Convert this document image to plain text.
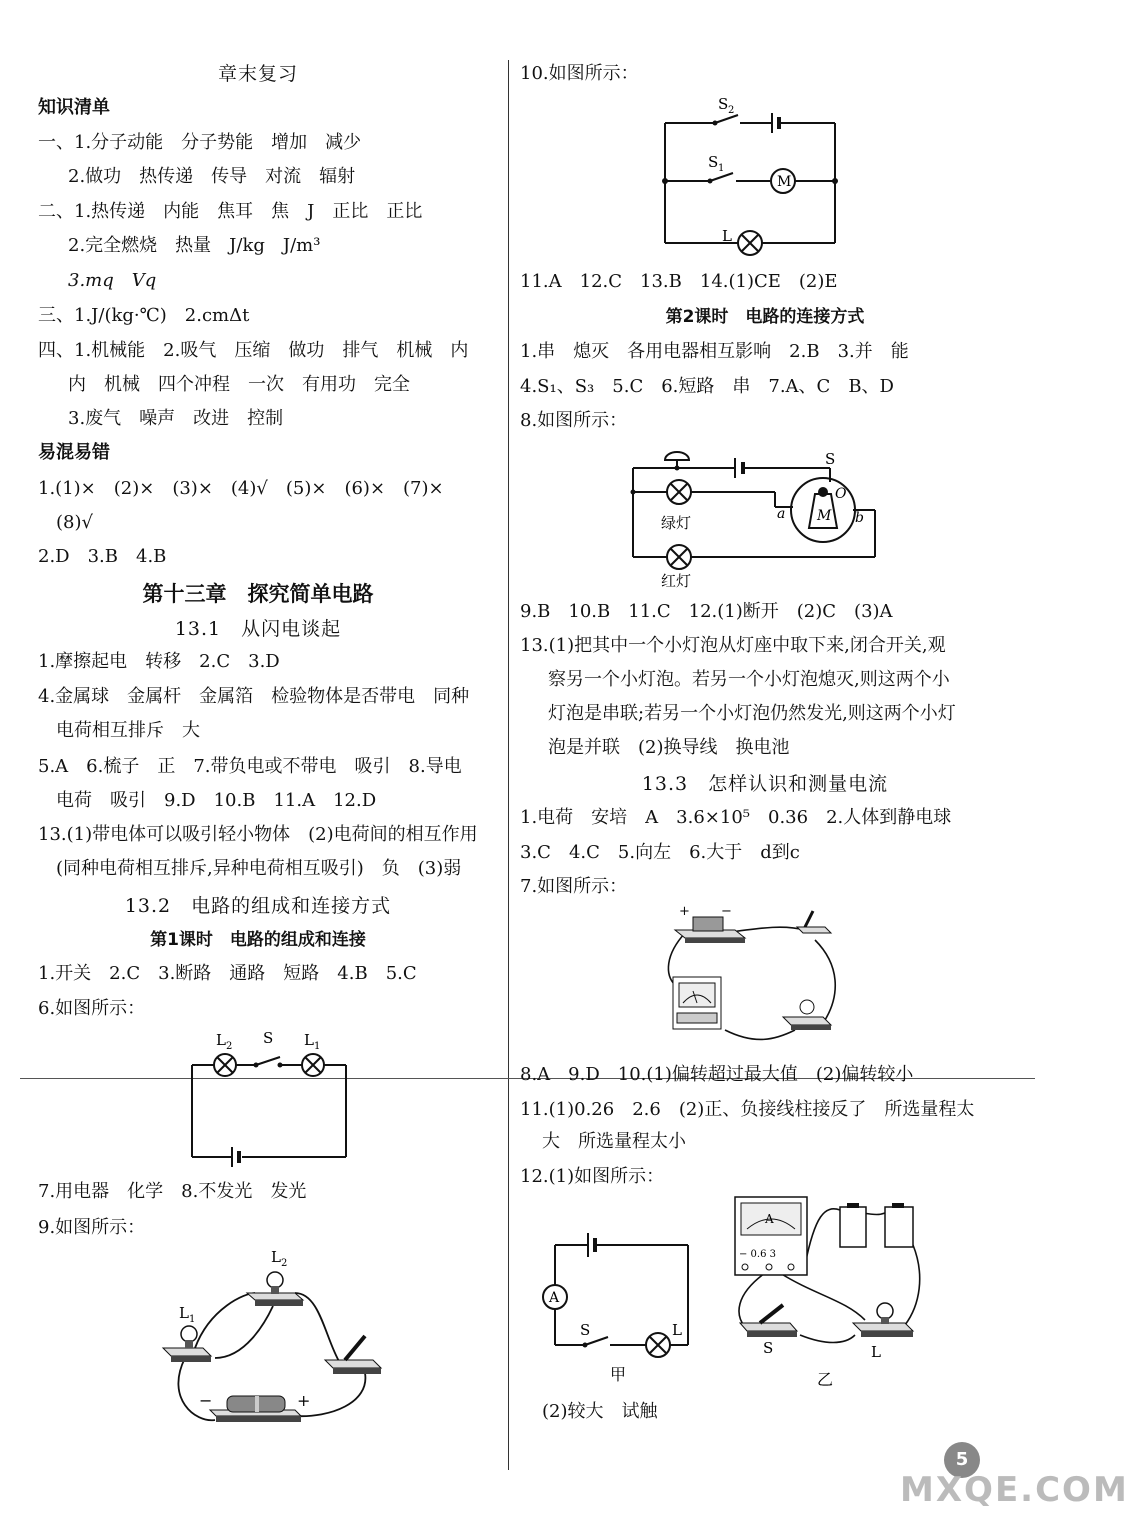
章末复习
知识清单
一、1.分子动能　分子势能　增加　减少
2.做功　热传递　传导　对流　辐射
二、1.热传递　内能　焦耳　焦　J　正比　正比
2.完全燃烧　热量　J/kg　J/m³
3.mq　Vq
三、1.J/(kg·℃)　2.cmΔt
四、1.机械能　2.吸气　压缩　做功　排气　机械　内
内　机械　四个冲程　一次　有用功　完全
3.废气　噪声　改进　控制
易混易错
1.(1)×　(2)×　(3)×　(4)√　(5)×　(6)×　(7)×
(8)√
2.D　3.B　4.B
第十三章　探究简单电路
13.1　从闪电谈起
1.摩擦起电　转移　2.C　3.D
4.金属球　金属杆　金属箔　检验物体是否带电　同种
电荷相互排斥　大
5.A　6.梳子　正　7.带负电或不带电　吸引　8.导电
电荷　吸引　9.D　10.B　11.A　12.D
13.(1)带电体可以吸引轻小物体　(2)电荷间的相互作用
(同种电荷相互排斥,异种电荷相互吸引)　负　(3)弱
13.2　电路的组成和连接方式
第1课时　电路的组成和连接
1.开关　2.C　3.断路　通路　短路　4.B　5.C
6.如图所示：
7.用电器　化学　8.不发光　发光
9.如图所示：
L 2 S L 1
L 1
L 2
−	+
10.如图所示：
11.A　12.C　13.B　14.(1)CE　(2)E
第2课时　电路的连接方式
1.串　熄灭　各用电器相互影响　2.B　3.并　能
4.S₁、S₃　5.C　6.短路　串　7.A、C　B、D
8.如图所示：
9.B　10.B　11.C　12.(1)断开　(2)C　(3)A
13.(1)把其中一个小灯泡从灯座中取下来,闭合开关,观
察另一个小灯泡。若另一个小灯泡熄灭,则这两个小
灯泡是串联;若另一个小灯泡仍然发光,则这两个小灯
泡是并联　(2)换导线　换电池
13.3　怎样认识和测量电流
1.电荷　安培　A　3.6×10⁵　0.36　2.人体到静电球
3.C　4.C　5.向左　6.大于　d到c
7.如图所示：
8.A　9.D　10.(1)偏转超过最大值　(2)偏转较小
11.(1)0.26　2.6　(2)正、负接线柱接反了　所选量程太
大　所选量程太小
12.(1)如图所示：
(2)较大　试触
S 2
S 1
M
L
S
O
M
a	b
绿灯
红灯
+ −
A
S	L
甲
A
− 0.6 3
S	L
乙
5
MXQE.COM
